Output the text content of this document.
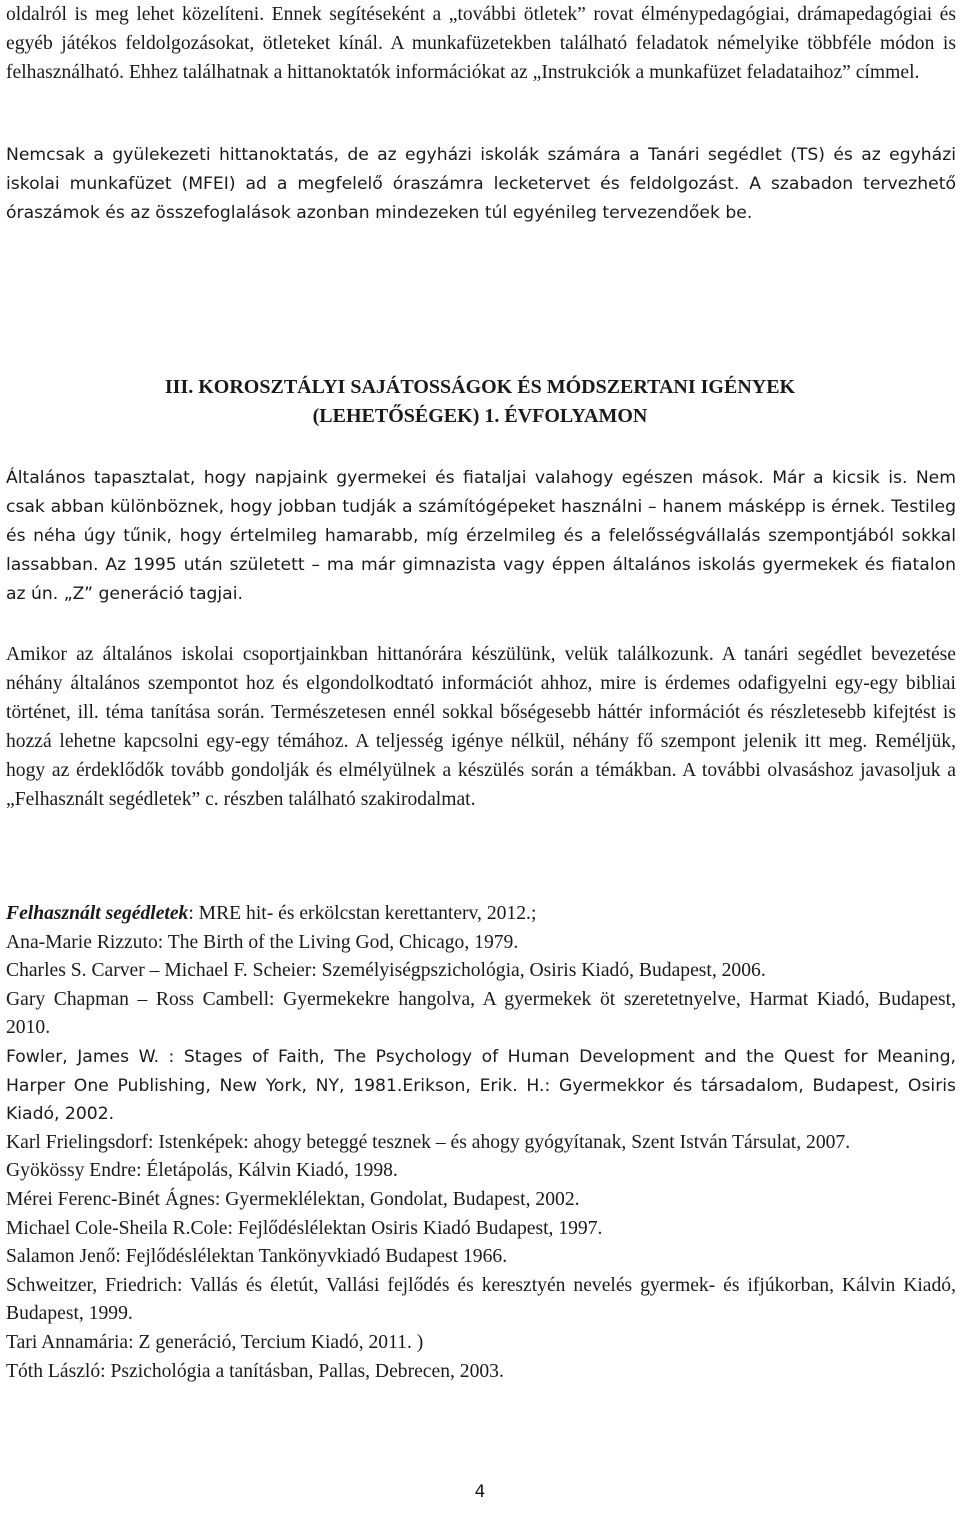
oldalról is meg lehet közelíteni. Ennek segítéseként a „további ötletek” rovat élménypedagógiai, drámapedagógiai és egyéb játékos feldolgozásokat, ötleteket kínál. A munkafüzetekben található feladatok némelyike többféle módon is felhasználható. Ehhez találhatnak a hittanoktatók információkat az „Instrukciók a munkafüzet feladataihoz” címmel.

Nemcsak a gyülekezeti hittanoktatás, de az egyházi iskolák számára a Tanári segédlet (TS) és az egyházi iskolai munkafüzet (MFEI) ad a megfelelő óraszámra lecketervet és feldolgozást. A szabadon tervezhető óraszámok és az összefoglalások azonban mindezeken túl egyénileg tervezendőek be.

III. KOROSZTÁLYI SAJÁTOSSÁGOK ÉS MÓDSZERTANI IGÉNYEK

(LEHETŐSÉGEK) 1. ÉVFOLYAMON

Általános tapasztalat, hogy napjaink gyermekei és fiataljai valahogy egészen mások. Már a kicsik is. Nem csak abban különböznek, hogy jobban tudják a számítógépeket használni – hanem másképp is érnek. Testileg és néha úgy tűnik, hogy értelmileg hamarabb, míg érzelmileg és a felelősségvállalás szempontjából sokkal lassabban. Az 1995 után született – ma már gimnazista vagy éppen általános iskolás gyermekek és fiatalon az ún. „Z” generáció tagjai.

Amikor az általános iskolai csoportjainkban hittanórára készülünk, velük találkozunk. A tanári segédlet bevezetése néhány általános szempontot hoz és elgondolkodtató információt ahhoz, mire is érdemes odafigyelni egy-egy bibliai történet, ill. téma tanítása során. Természetesen ennél sokkal bőségesebb háttér információt és részletesebb kifejtést is hozzá lehetne kapcsolni egy-egy témához. A teljesség igénye nélkül, néhány fő szempont jelenik itt meg. Reméljük, hogy az érdeklődők tovább gondolják és elmélyülnek a készülés során a témákban. A további olvasáshoz javasoljuk a „Felhasznált segédletek” c. részben található szakirodalmat.

Felhasznált segédletek: MRE hit- és erkölcstan kerettanterv, 2012.;
Ana-Marie Rizzuto: The Birth of the Living God, Chicago, 1979.
Charles S. Carver – Michael F. Scheier: Személyiségpszichológia, Osiris Kiadó, Budapest, 2006.
Gary Chapman – Ross Cambell: Gyermekekre hangolva, A gyermekek öt szeretetnyelve, Harmat Kiadó, Budapest, 2010.
Fowler, James W. : Stages of Faith, The Psychology of Human Development and the Quest for Meaning, Harper One Publishing, New York, NY, 1981.Erikson, Erik. H.: Gyermekkor és társadalom, Budapest, Osiris Kiadó, 2002.
Karl Frielingsdorf: Istenképek: ahogy beteggé tesznek – és ahogy gyógyítanak, Szent István Társulat, 2007.
Gyökössy Endre: Életápolás, Kálvin Kiadó, 1998.
Mérei Ferenc-Binét Ágnes: Gyermeklélektan, Gondolat, Budapest, 2002.
Michael Cole-Sheila R.Cole: Fejlődéslélektan Osiris Kiadó Budapest, 1997.
Salamon Jenő: Fejlődéslélektan Tankönyvkiadó Budapest 1966.
Schweitzer, Friedrich: Vallás és életút, Vallási fejlődés és keresztyén nevelés gyermek- és ifjúkorban, Kálvin Kiadó, Budapest, 1999.
Tari Annamária: Z generáció, Tercium Kiadó, 2011. )
Tóth László: Pszichológia a tanításban, Pallas, Debrecen, 2003.
4
